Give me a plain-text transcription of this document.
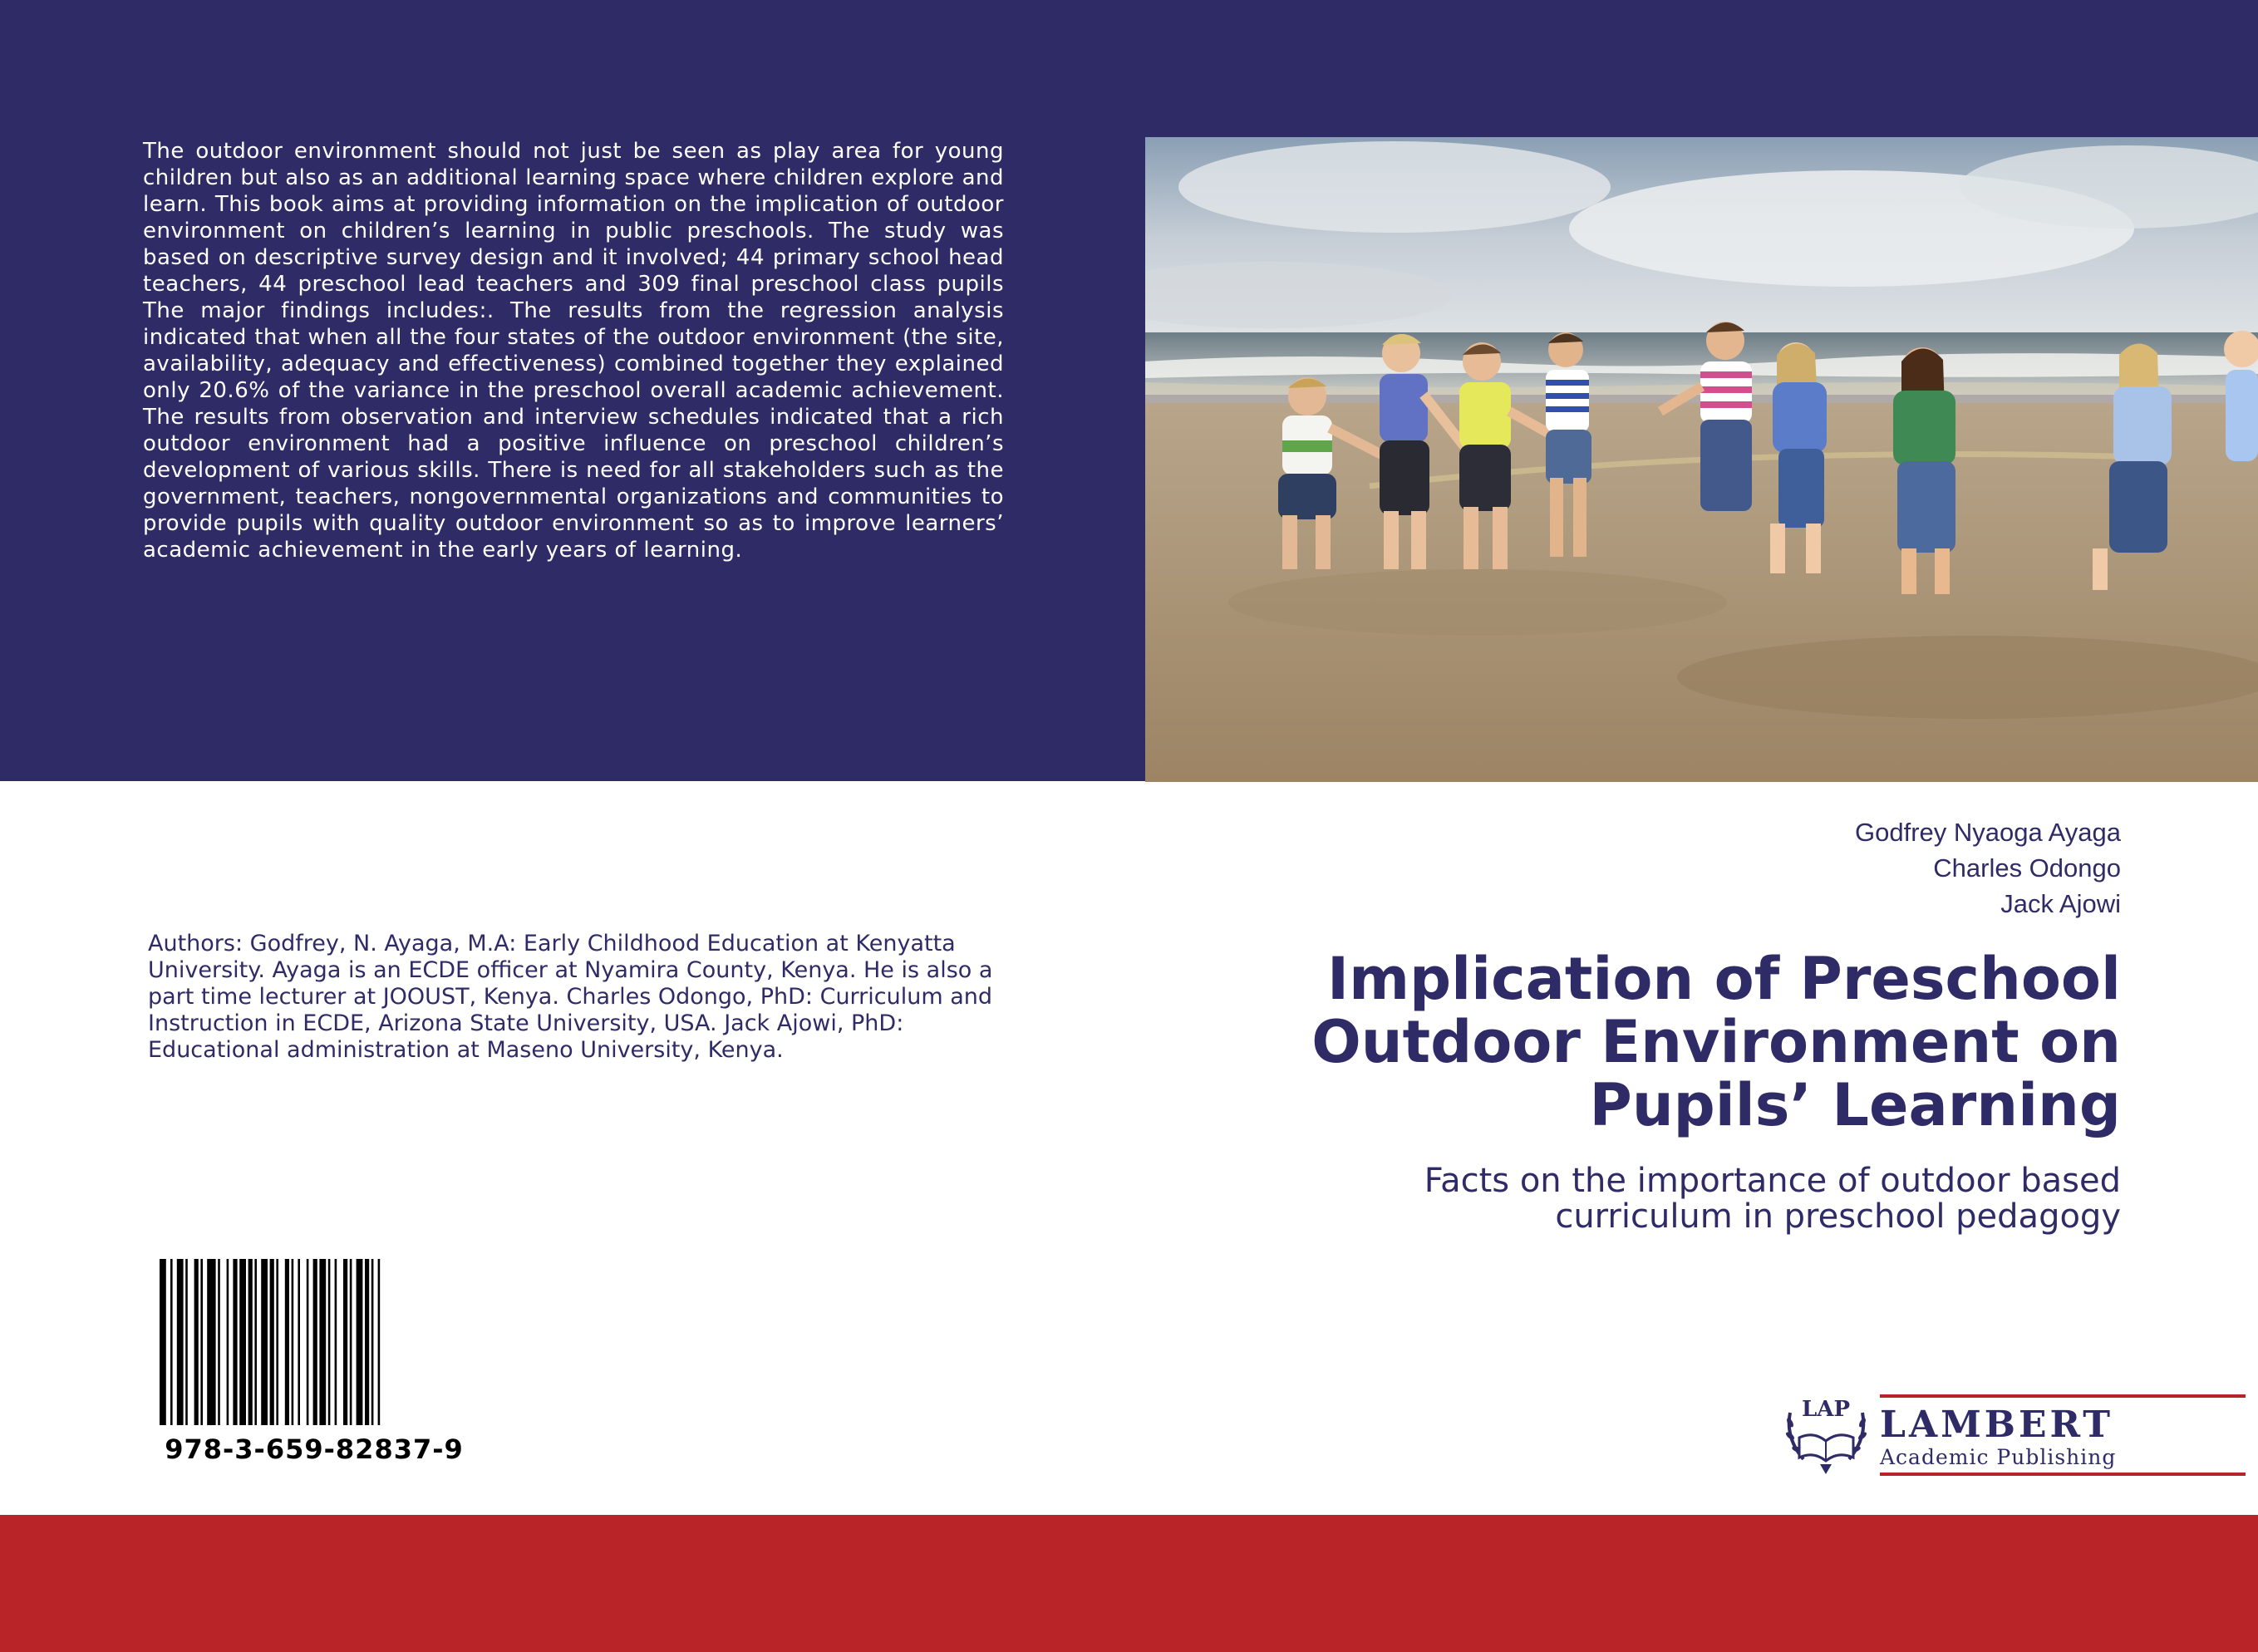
The outdoor environment should not just be seen as play area for young children but also as an additional learning space where children explore and learn. This book aims at providing information on the implication of outdoor environment on children’s learning in public preschools. The study was based on descriptive survey design and it involved; 44 primary school head teachers, 44 preschool lead teachers and 309 final preschool class pupils The major findings includes:. The results from the regression analysis indicated that when all the four states of the outdoor environment (the site, availability, adequacy and effectiveness) combined together they explained only 20.6% of the variance in the preschool overall academic achievement. The results from observation and interview schedules indicated that a rich outdoor environment had a positive influence on preschool children’s development of various skills. There is need for all stakeholders such as the government, teachers, nongovernmental organizations and communities to provide pupils with quality outdoor environment so as to improve learners’ academic achievement in the early years of learning.

Authors: Godfrey, N. Ayaga, M.A: Early Childhood Education at Kenyatta University. Ayaga is an ECDE officer at Nyamira County, Kenya. He is also a part time lecturer at JOOUST, Kenya. Charles Odongo, PhD: Curriculum and Instruction in ECDE, Arizona State University, USA. Jack Ajowi, PhD: Educational administration at Maseno University, Kenya.

Godfrey Nyaoga Ayaga
Charles Odongo
Jack Ajowi
Implication of Preschool Outdoor Environment on Pupils’ Learning

Facts on the importance of outdoor based curriculum in preschool pedagogy

978-3-659-82837-9
LAP LAMBERT
Academic Publishing
